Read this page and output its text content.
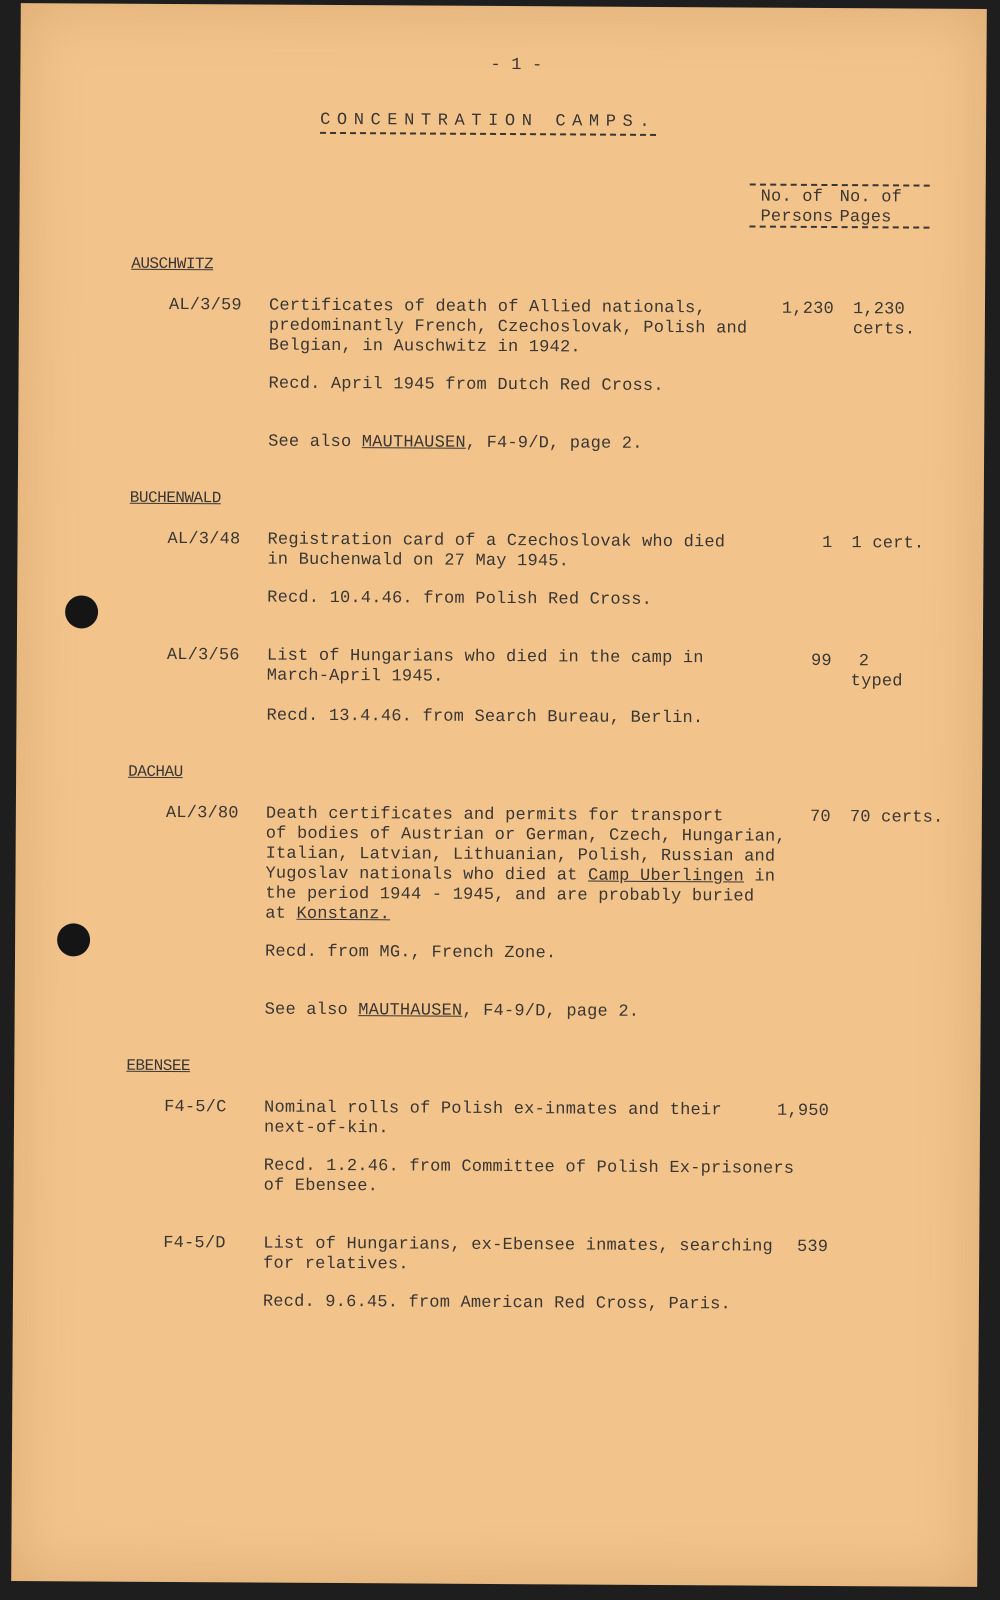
- 1 -
CONCENTRATION CAMPS.
No. of
Persons
No. of
Pages
AUSCHWITZ
AL/3/59 Certificates of death of Allied nationals,
predominantly French, Czechoslovak, Polish and
Belgian, in Auschwitz in 1942.
1,230 1,230
certs.
Recd. April 1945 from Dutch Red Cross.
See also MAUTHAUSEN, F4-9/D, page 2.
BUCHENWALD
AL/3/48 Registration card of a Czechoslovak who died
in Buchenwald on 27 May 1945.
1 1 cert.
Recd. 10.4.46. from Polish Red Cross.
AL/3/56 List of Hungarians who died in the camp in
March-April 1945.
99 2
typed
Recd. 13.4.46. from Search Bureau, Berlin.
DACHAU
AL/3/80 Death certificates and permits for transport
of bodies of Austrian or German, Czech, Hungarian,
Italian, Latvian, Lithuanian, Polish, Russian and
Yugoslav nationals who died at Camp Uberlingen in
the period 1944 - 1945, and are probably buried
at Konstanz.
70 70 certs.
Recd. from MG., French Zone.
See also MAUTHAUSEN, F4-9/D, page 2.
EBENSEE
F4-5/C Nominal rolls of Polish ex-inmates and their
next-of-kin.
1,950
Recd. 1.2.46. from Committee of Polish Ex-prisoners
of Ebensee.
F4-5/D List of Hungarians, ex-Ebensee inmates, searching
for relatives.
539
Recd. 9.6.45. from American Red Cross, Paris.
